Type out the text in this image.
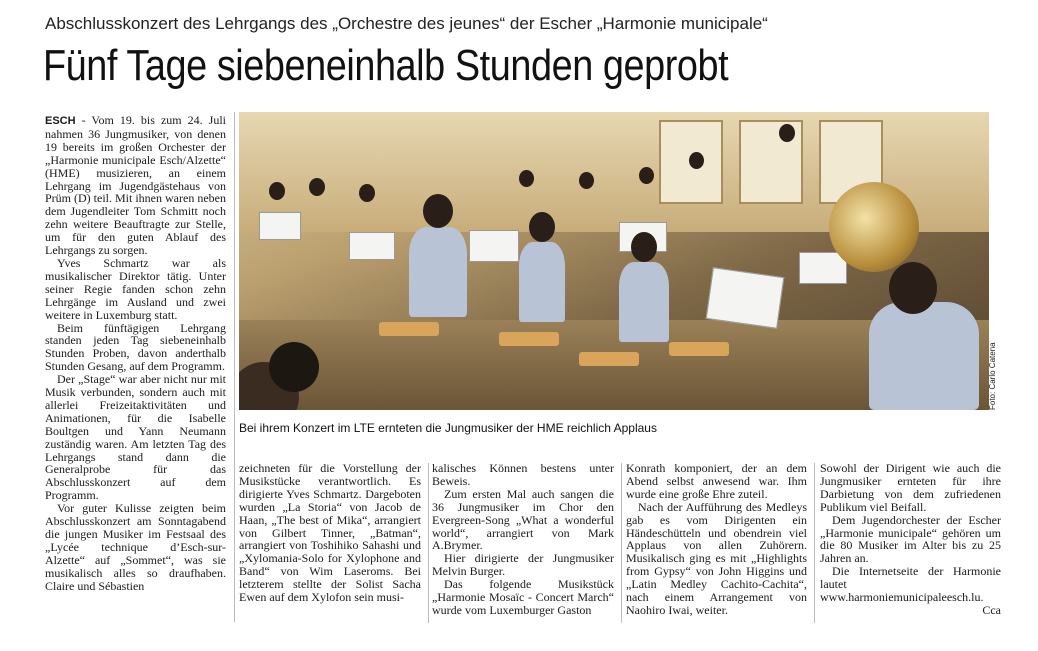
Abschlusskonzert des Lehrgangs des „Orchestre des jeunes“ der Escher „Harmonie municipale“
Fünf Tage siebeneinhalb Stunden geprobt
Foto: Carlo Catena
Bei ihrem Konzert im LTE ernteten die Jungmusiker der HME reichlich Applaus

ESCH - Vom 19. bis zum 24. Juli nahmen 36 Jungmusiker, von denen 19 bereits im großen Orchester der „Harmonie municipale Esch/Alzette“ (HME) musizieren, an einem Lehrgang im Jugendgästehaus von Prüm (D) teil. Mit ihnen waren neben dem Jugendleiter Tom Schmitt noch zehn weitere Beauftragte zur Stelle, um für den guten Ablauf des Lehrgangs zu sorgen.

Yves Schmartz war als musikalischer Direktor tätig. Unter seiner Regie fanden schon zehn Lehrgänge im Ausland und zwei weitere in Luxemburg statt.

Beim fünftägigen Lehrgang standen jeden Tag siebeneinhalb Stunden Proben, davon anderthalb Stunden Gesang, auf dem Programm.

Der „Stage“ war aber nicht nur mit Musik verbunden, sondern auch mit allerlei Freizeitaktivitäten und Animationen, für die Isabelle Boultgen und Yann Neumann zuständig waren. Am letzten Tag des Lehrgangs stand dann die Generalprobe für das Abschlusskonzert auf dem Programm.

Vor guter Kulisse zeigten beim Abschlusskonzert am Sonntagabend die jungen Musiker im Festsaal des „Lycée technique d’Esch-sur-Alzette“ auf „Sommet“, was sie musikalisch alles so draufhaben. Claire und Sébastien

zeichneten für die Vorstellung der Musikstücke verantwortlich. Es dirigierte Yves Schmartz. Dargeboten wurden „La Storia“ von Jacob de Haan, „The best of Mika“, arrangiert von Gilbert Tinner, „Batman“, arrangiert von Toshihiko Sahashi und „Xylomania-Solo for Xylophone and Band“ von Wim Laseroms. Bei letzterem stellte der Solist Sacha Ewen auf dem Xylofon sein musi-

kalisches Können bestens unter Beweis.

Zum ersten Mal auch sangen die 36 Jungmusiker im Chor den Evergreen-Song „What a wonderful world“, arrangiert von Mark A.Brymer.

Hier dirigierte der Jungmusiker Melvin Burger.

Das folgende Musikstück „Harmonie Mosaïc - Concert March“ wurde vom Luxemburger Gaston

Konrath komponiert, der an dem Abend selbst anwesend war. Ihm wurde eine große Ehre zuteil.

Nach der Aufführung des Medleys gab es vom Dirigenten ein Händeschütteln und obendrein viel Applaus von allen Zuhörern. Musikalisch ging es mit „Highlights from Gypsy“ von John Higgins und „Latin Medley Cachito-Cachita“, nach einem Arrangement von Naohiro Iwai, weiter.

Sowohl der Dirigent wie auch die Jungmusiker ernteten für ihre Darbietung von dem zufriedenen Publikum viel Beifall.

Dem Jugendorchester der Escher „Harmonie municipale“ gehören um die 80 Musiker im Alter bis zu 25 Jahren an.

Die Internetseite der Harmonie lautet www.harmoniemunicipaleesch.lu.

Cca
